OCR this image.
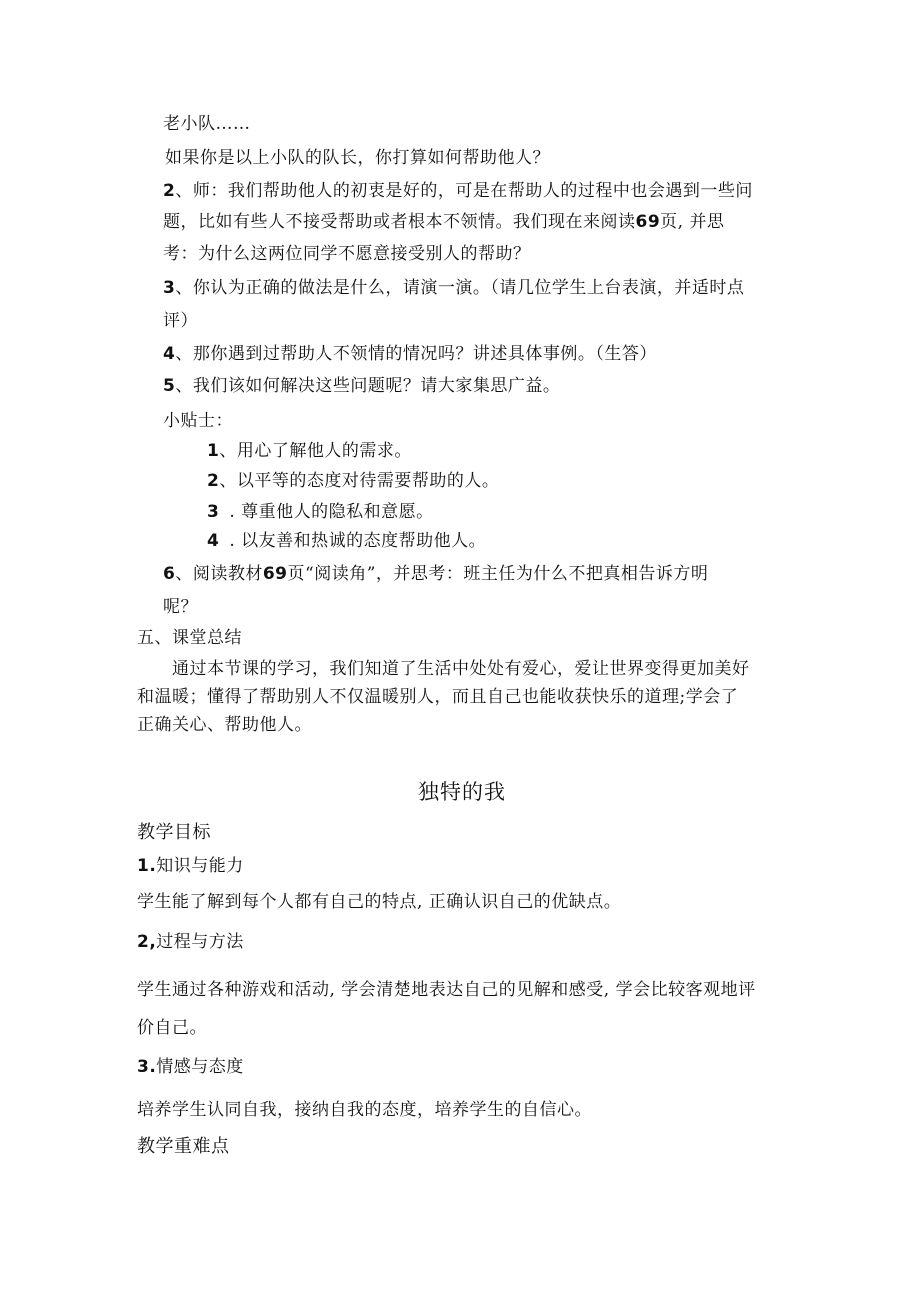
老小队……
如果你是以上小队的队长，你打算如何帮助他人？
2、师：我们帮助他人的初衷是好的，可是在帮助人的过程中也会遇到一些问
题，比如有些人不接受帮助或者根本不领情。我们现在来阅读69页, 并思
考：为什么这两位同学不愿意接受别人的帮助？
3、你认为正确的做法是什么，请演一演。（请几位学生上台表演，并适时点
评）
4、那你遇到过帮助人不领情的情况吗？讲述具体事例。（生答）
5、我们该如何解决这些问题呢？请大家集思广益。
小贴士：
1、用心了解他人的需求。
2、以平等的态度对待需要帮助的人。
3 . 尊重他人的隐私和意愿。
4 . 以友善和热诚的态度帮助他人。
6、阅读教材69页“阅读角”，并思考：班主任为什么不把真相告诉方明
呢？
五、课堂总结
通过本节课的学习，我们知道了生活中处处有爱心，爱让世界变得更加美好
和温暖；懂得了帮助别人不仅温暖别人，而且自己也能收获快乐的道理;学会了
正确关心、帮助他人。
独特的我
教学目标
1.知识与能力
学生能了解到每个人都有自己的特点, 正确认识自己的优缺点。
2,过程与方法
学生通过各种游戏和活动, 学会清楚地表达自己的见解和感受, 学会比较客观地评
价自己。
3.情感与态度
培养学生认同自我，接纳自我的态度，培养学生的自信心。
教学重难点
